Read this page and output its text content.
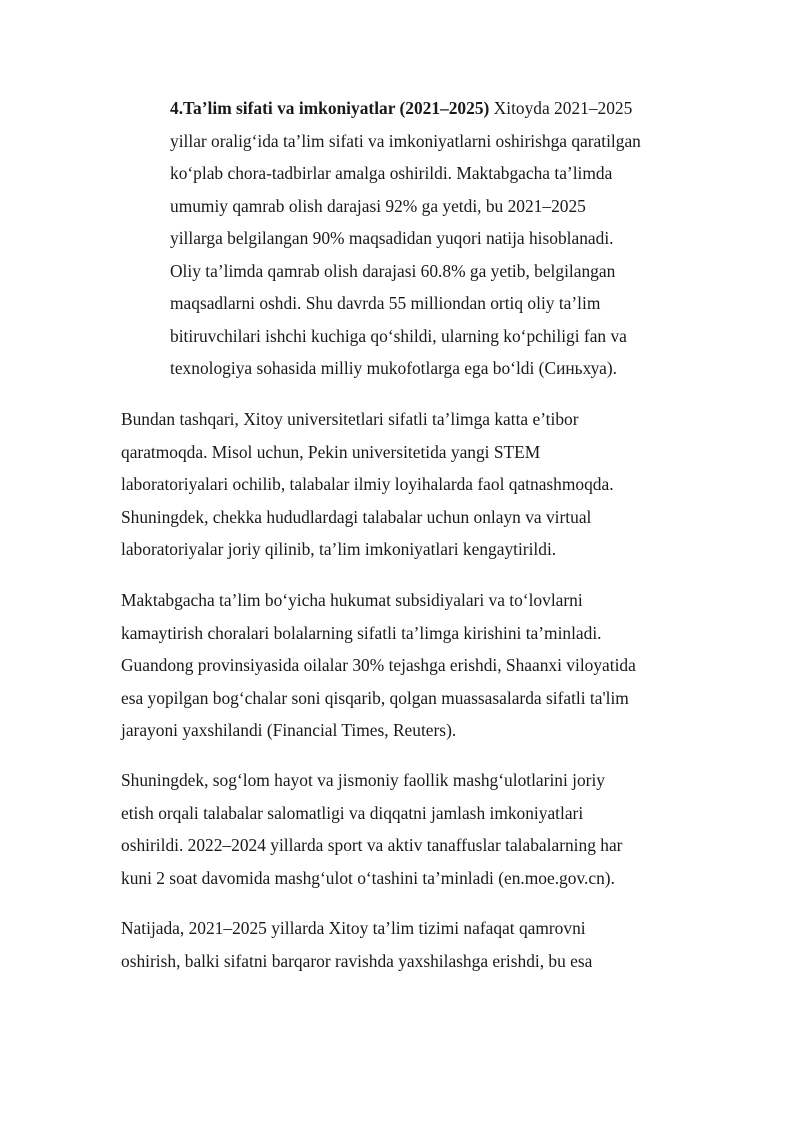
4.Ta’lim sifati va imkoniyatlar (2021–2025) Xitoyda 2021–2025
yillar oralig‘ida ta’lim sifati va imkoniyatlarni oshirishga qaratilgan
ko‘plab chora-tadbirlar amalga oshirildi. Maktabgacha ta’limda
umumiy qamrab olish darajasi 92% ga yetdi, bu 2021–2025
yillarga belgilangan 90% maqsadidan yuqori natija hisoblanadi.
Oliy ta’limda qamrab olish darajasi 60.8% ga yetib, belgilangan
maqsadlarni oshdi. Shu davrda 55 milliondan ortiq oliy ta’lim
bitiruvchilari ishchi kuchiga qo‘shildi, ularning ko‘pchiligi fan va
texnologiya sohasida milliy mukofotlarga ega bo‘ldi (Синьхуа).

Bundan tashqari, Xitoy universitetlari sifatli ta’limga katta e’tibor
qaratmoqda. Misol uchun, Pekin universitetida yangi STEM
laboratoriyalari ochilib, talabalar ilmiy loyihalarda faol qatnashmoqda.
Shuningdek, chekka hududlardagi talabalar uchun onlayn va virtual
laboratoriyalar joriy qilinib, ta’lim imkoniyatlari kengaytirildi.

Maktabgacha ta’lim bo‘yicha hukumat subsidiyalari va to‘lovlarni
kamaytirish choralari bolalarning sifatli ta’limga kirishini ta’minladi.
Guandong provinsiyasida oilalar 30% tejashga erishdi, Shaanxi viloyatida
esa yopilgan bog‘chalar soni qisqarib, qolgan muassasalarda sifatli ta'lim
jarayoni yaxshilandi (Financial Times, Reuters).

Shuningdek, sog‘lom hayot va jismoniy faollik mashg‘ulotlarini joriy
etish orqali talabalar salomatligi va diqqatni jamlash imkoniyatlari
oshirildi. 2022–2024 yillarda sport va aktiv tanaffuslar talabalarning har
kuni 2 soat davomida mashg‘ulot o‘tashini ta’minladi (en.moe.gov.cn).

Natijada, 2021–2025 yillarda Xitoy ta’lim tizimi nafaqat qamrovni
oshirish, balki sifatni barqaror ravishda yaxshilashga erishdi, bu esa
